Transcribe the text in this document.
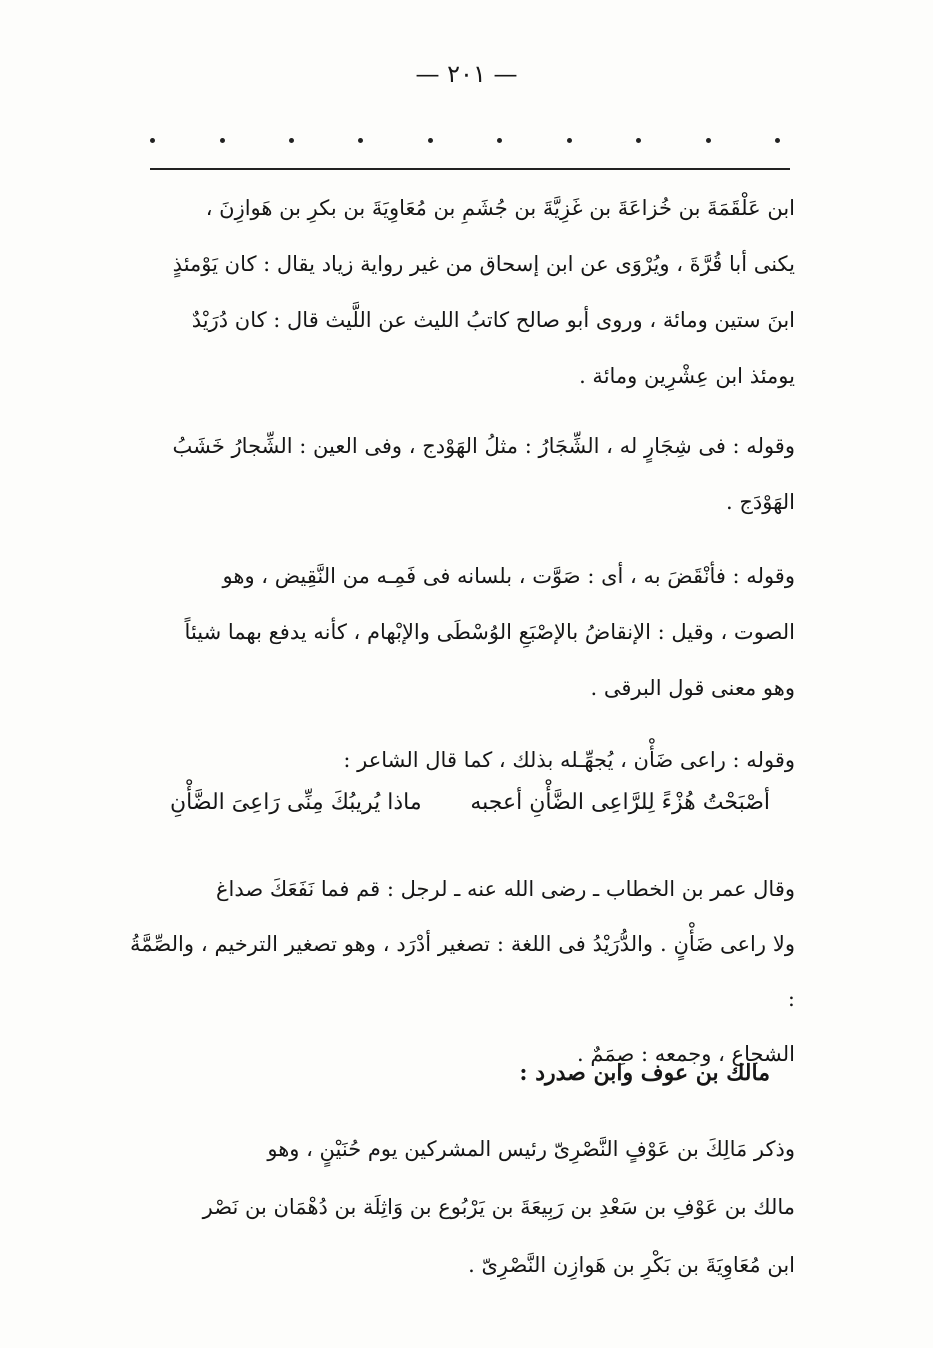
— ٢٠١ —

ابن عَلْقَمَةَ بن خُزاعَةَ بن غَزِيَّةَ بن جُشَمِ بن مُعَاوِيَةَ بن بكرِ بن هَوازِنَ ،

يكنى أبا قُرَّةَ ، ويُرْوَى عن ابن إسحاق من غير رواية زياد يقال : كان يَوْمئذٍ

ابنَ ستين ومائة ، وروى أبو صالح كاتبُ الليث عن اللَّيث قال : كان دُرَيْدٌ

يومئذ ابن عِشْرِين ومائة .

وقوله : فى شِجَارٍ له ، الشِّجَارُ : مثلُ الهَوْدج ، وفى العين : الشِّجارُ خَشَبُ

الهَوْدَج .

وقوله : فأنْقَضَ به ، أى : صَوَّت ، بلسانه فى فَمِـه من النَّقِيض ، وهو

الصوت ، وقيل : الإنقاضُ بالإصْبَعِ الوُسْطَى والإبْهام ، كأنه يدفع بهما شيئاً

وهو معنى قول البرقى .

وقوله : راعى ضَأْن ، يُجهِّـله بذلك ، كما قال الشاعر :

أصْبَحْتُ هُزْءً لِلرَّاعِى الضَّأْنِ أعجبه
ماذا يُريبُكَ مِنِّى رَاعِىَ الضَّأْنِ

وقال عمر بن الخطاب ـ رضى الله عنه ـ لرجل : قم فما نَفَعَكَ صداغ

ولا راعى ضَأْنٍ . والدُّرَيْدُ فى اللغة : تصغير أدْرَد ، وهو تصغير الترخيم ، والصِّمَّةُ :

الشجاع ، وجمعه : صِمَمٌ .

مالك بن عوف وابن صدرد :

وذكر مَالِكَ بن عَوْفٍ النَّصْرِىّ رئيس المشركين يوم حُنَيْنٍ ، وهو

مالك بن عَوْفِ بن سَعْدِ بن رَبِيعَةَ بن يَرْبُوع بن وَاثِلَة بن دُهْمَان بن نَصْر

ابن مُعَاوِيَةَ بن بَكْرِ بن هَوازِن النَّصْرِىّ .
